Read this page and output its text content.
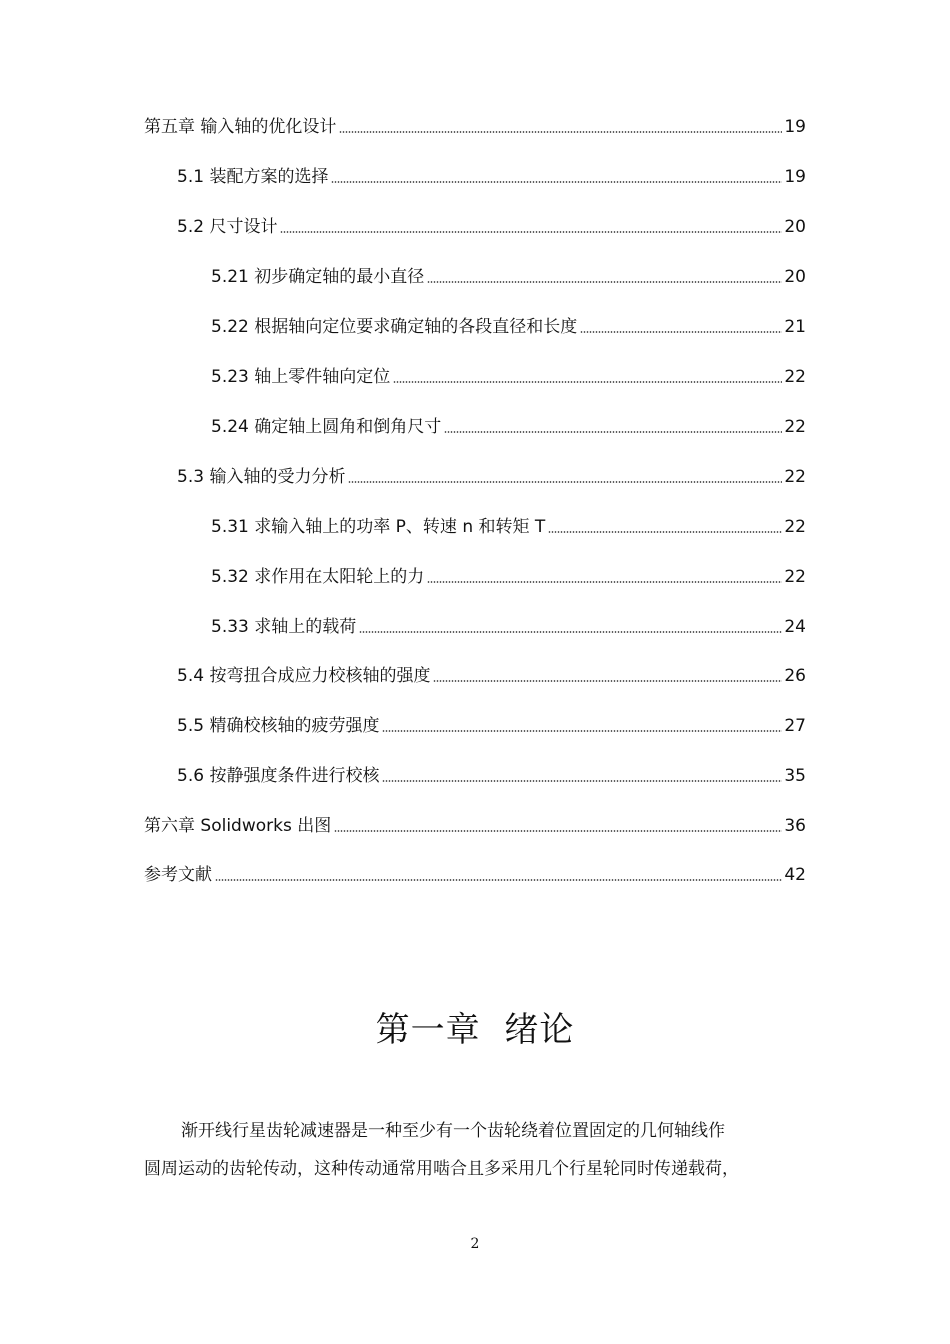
第五章 输入轴的优化设计	19
5.1 装配方案的选择	19
5.2 尺寸设计	20
5.21 初步确定轴的最小直径	20
5.22 根据轴向定位要求确定轴的各段直径和长度	21
5.23 轴上零件轴向定位	22
5.24 确定轴上圆角和倒角尺寸	22
5.3 输入轴的受力分析	22
5.31 求输入轴上的功率 P、转速 n 和转矩 T	22
5.32 求作用在太阳轮上的力	22
5.33 求轴上的载荷	24
5.4 按弯扭合成应力校核轴的强度	26
5.5 精确校核轴的疲劳强度	27
5.6 按静强度条件进行校核	35
第六章 Solidworks 出图	36
参考文献	42
第一章 绪论
渐开线行星齿轮减速器是一种至少有一个齿轮绕着位置固定的几何轴线作
圆周运动的齿轮传动，这种传动通常用啮合且多采用几个行星轮同时传递载荷，
2
